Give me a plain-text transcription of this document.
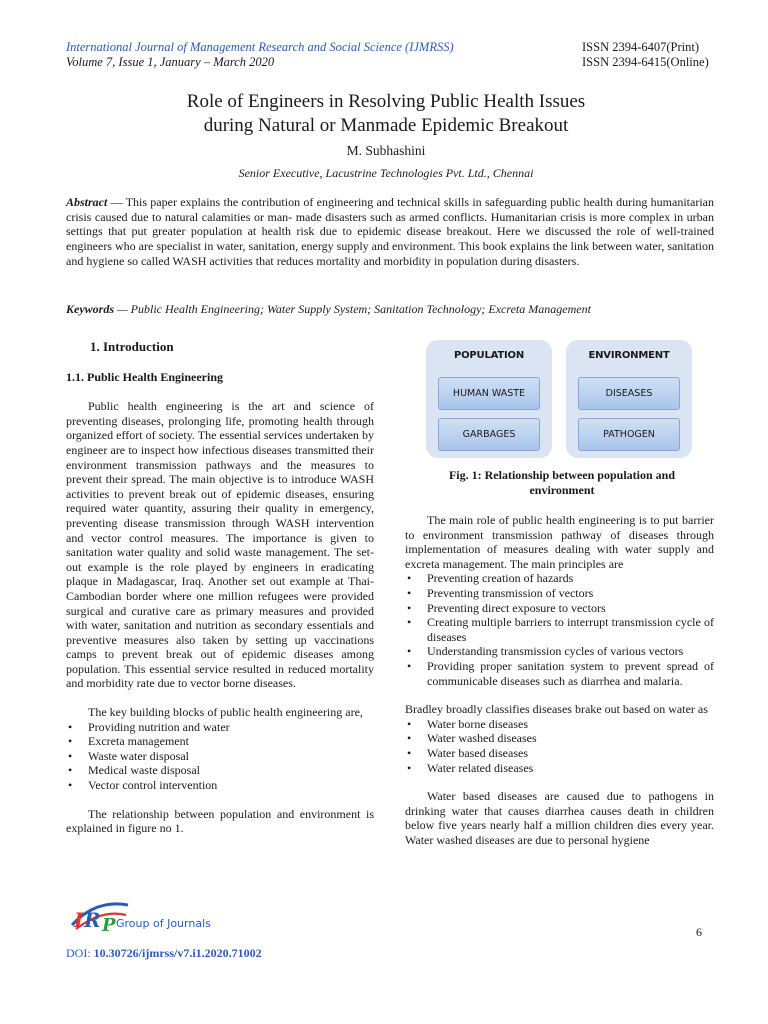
International Journal of Management Research and Social Science (IJMRSS)
Volume 7, Issue 1, January – March 2020
ISSN 2394-6407(Print)
ISSN 2394-6415(Online)
Role of Engineers in Resolving Public Health Issues
during Natural or Manmade Epidemic Breakout
M. Subhashini
Senior Executive, Lacustrine Technologies Pvt. Ltd., Chennai
Abstract — This paper explains the contribution of engineering and technical skills in safeguarding public health during humanitarian crisis caused due to natural calamities or man- made disasters such as armed conflicts. Humanitarian crisis is more complex in urban settings that put greater population at health risk due to epidemic disease breakout. Here we discussed the role of well-trained engineers who are specialist in water, sanitation, energy supply and environment. This book explains the link between water, sanitation and hygiene so called WASH activities that reduces mortality and morbidity in population during disasters.
Keywords — Public Health Engineering; Water Supply System; Sanitation Technology; Excreta Management

1. Introduction

1.1. Public Health Engineering

Public health engineering is the art and science of preventing diseases, prolonging life, promoting health through organized effort of society. The essential services undertaken by engineer are to inspect how infectious diseases transmitted their environment transmission pathways and the measures to prevent their spread. The main objective is to introduce WASH activities to prevent break out of epidemic diseases, ensuring required water quantity, assuring their quality in emergency, preventing disease transmission through WASH intervention and vector control measures. The importance is given to sanitation water quality and solid waste management. The set-out example is the role played by engineers in eradicating plaque in Madagascar, Iraq. Another set out example at Thai-Cambodian border where one million refugees were provided surgical and curative care as primary measures and provided with water, sanitation and nutrition as secondary essentials and preventive measures also taken by setting up vaccinations camps to prevent break out of epidemic diseases among population. This essential service resulted in reduced mortality and morbidity rate due to vector borne diseases.

The key building blocks of public health engineering are,

• Providing nutrition and water
• Excreta management
• Waste water disposal
• Medical waste disposal
• Vector control intervention

The relationship between population and environment is explained in figure no 1.

POPULATION
HUMAN WASTE
GARBAGES
ENVIRONMENT
DISEASES
PATHOGEN
Fig. 1: Relationship between population and
environment

The main role of public health engineering is to put barrier to environment transmission pathway of diseases through implementation of measures dealing with water supply and excreta management. The main principles are

• Preventing creation of hazards
• Preventing transmission of vectors
• Preventing direct exposure to vectors
• Creating multiple barriers to interrupt transmission cycle of diseases
• Understanding transmission cycles of various vectors
• Providing proper sanitation system to prevent spread of communicable diseases such as diarrhea and malaria.

Bradley broadly classifies diseases brake out based on water as

• Water borne diseases
• Water washed diseases
• Water based diseases
• Water related diseases

Water based diseases are caused due to pathogens in drinking water that causes diarrhea causes death in children below five years nearly half a million children dies every year. Water washed diseases are due to personal hygiene

I R P Group of Journals
DOI: 10.30726/ijmrss/v7.i1.2020.71002
6
